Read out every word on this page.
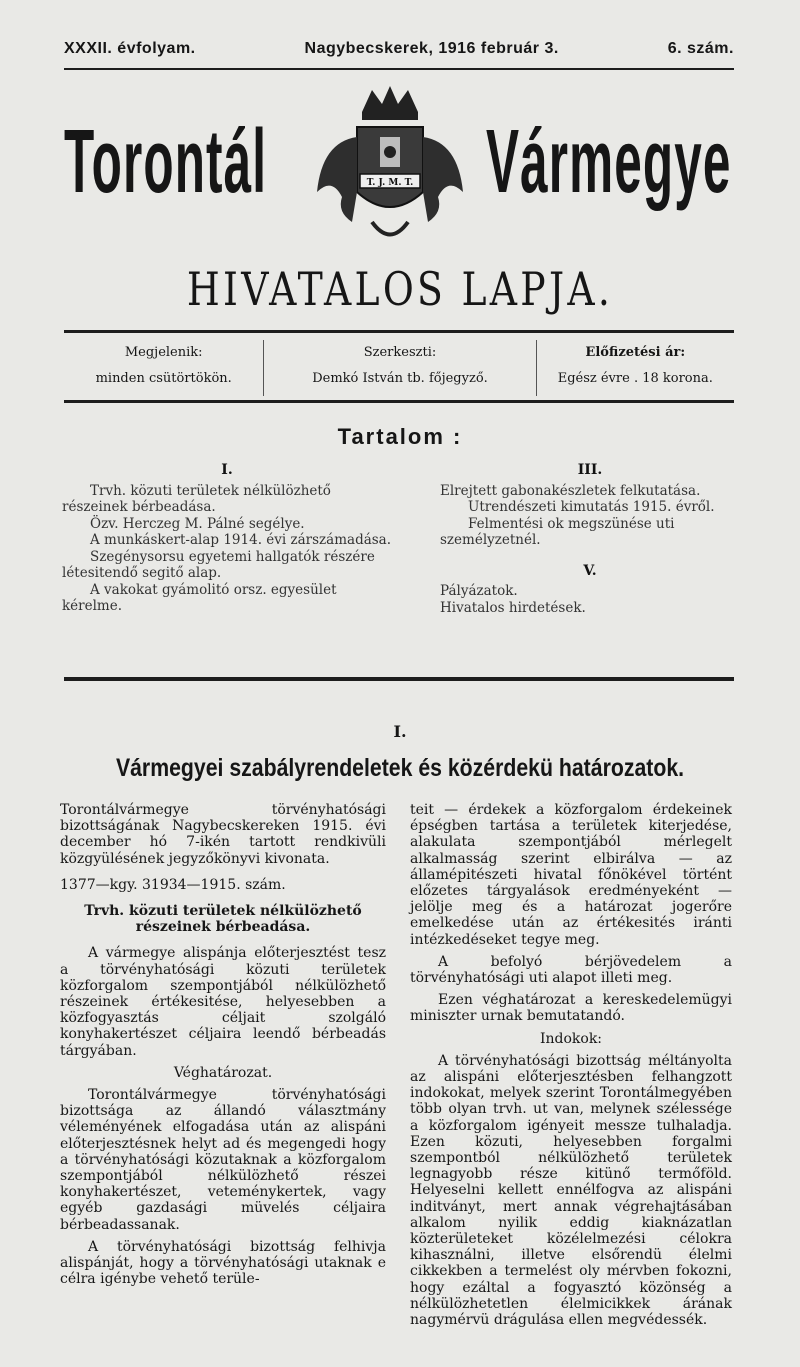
XXXII. évfolyam.	Nagybecskerek, 1916 február 3.	6. szám.
Torontál	T. J. M. T. Vármegye
HIVATALOS LAPJA.
Megjelenik:
minden csütörtökön.
Szerkeszti:
Demkó István tb. főjegyző.
Előfizetési ár:
Egész évre . 18 korona.
Tartalom :
I.
Trvh. közuti területek nélkülözhető részeinek bérbeadása.
Özv. Herczeg M. Pálné segélye.
A munkáskert-alap 1914. évi zárszámadása.
Szegénysorsu egyetemi hallgatók részére létesitendő segitő alap.
A vakokat gyámolitó orsz. egyesület kérelme.
III.
Elrejtett gabonakészletek felkutatása.
Utrendészeti kimutatás 1915. évről.
Felmentési ok megszünése uti személyzetnél.
V.
Pályázatok.
Hivatalos hirdetések.
I.
Vármegyei szabályrendeletek és közérdekü határozatok.

Torontálvármegye törvényhatósági bizottságának Nagybecskereken 1915. évi december hó 7-ikén tartott rendkivüli közgyülésének jegyzőkönyvi kivonata.

1377—kgy. 31934—1915. szám.

Trvh. közuti területek nélkülözhető részeinek bérbeadása.

A vármegye alispánja előterjesztést tesz a törvényhatósági közuti területek közforgalom szempontjából nélkülözhető részeinek értékesitése, helyesebben a közfogyasztás céljait szolgáló konyhakertészet céljaira leendő bérbeadás tárgyában.

Véghatározat.

Torontálvármegye törvényhatósági bizottsága az állandó választmány véleményének elfogadása után az alispáni előterjesztésnek helyt ad és megengedi hogy a törvényhatósági közutaknak a közforgalom szempontjából nélkülözhető részei konyhakertészet, veteménykertek, vagy egyéb gazdasági müvelés céljaira bérbeadassanak.

A törvényhatósági bizottság felhivja alispánját, hogy a törvényhatósági utaknak e célra igénybe vehető terüle-

teit — érdekek a közforgalom érdekeinek épségben tartása a területek kiterjedése, alakulata szempontjából mérlegelt alkalmasság szerint elbirálva — az államépitészeti hivatal főnökével történt előzetes tárgyalások eredményeként — jelölje meg és a határozat jogerőre emelkedése után az értékesités iránti intézkedéseket tegye meg.

A befolyó bérjövedelem a törvényhatósági uti alapot illeti meg.

Ezen véghatározat a kereskedelemügyi miniszter urnak bemutatandó.

Indokok:

A törvényhatósági bizottság méltányolta az alispáni előterjesztésben felhangzott indokokat, melyek szerint Torontálmegyében több olyan trvh. ut van, melynek szélessége a közforgalom igényeit messze tulhaladja. Ezen közuti, helyesebben forgalmi szempontból nélkülözhető területek legnagyobb része kitünő termőföld. Helyeselni kellett ennélfogva az alispáni inditványt, mert annak végrehajtásában alkalom nyilik eddig kiaknázatlan közterületeket közélelmezési célokra kihasználni, illetve elsőrendü élelmi cikkekben a termelést oly mérvben fokozni, hogy ezáltal a fogyasztó közönség a nélkülözhetetlen élelmicikkek árának nagymérvü drágulása ellen megvédessék.
